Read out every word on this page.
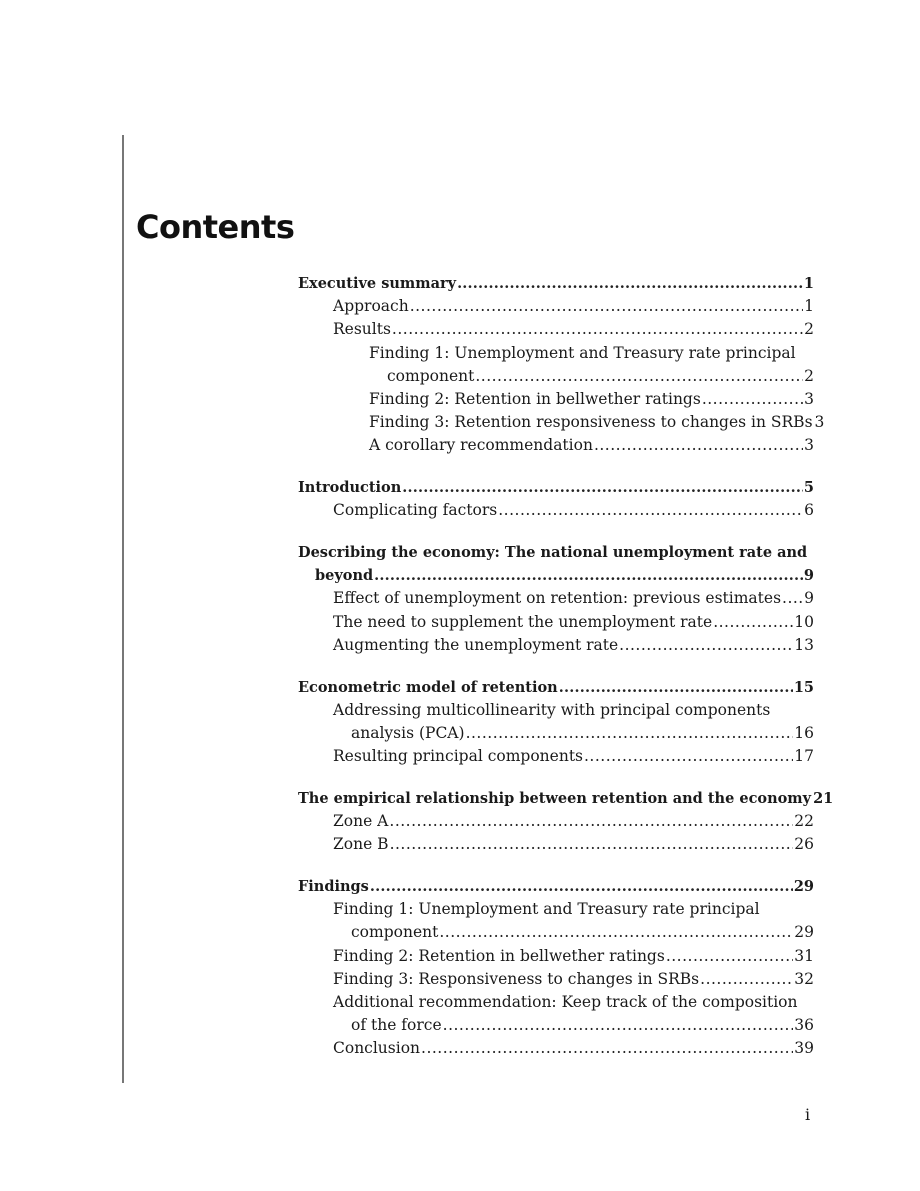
Contents
Executive summary .....	1
Approach .....	1
Results .....	2
Finding 1: Unemployment and Treasury rate principal
component .....	2
Finding 2: Retention in bellwether ratings .....	3
Finding 3: Retention responsiveness to changes in SRBs 3
A corollary recommendation .....	3
Introduction .....	5
Complicating factors .....	6
Describing the economy: The national unemployment rate and
beyond .....	9
Effect of unemployment on retention: previous estimates ..... 9
The need to supplement the unemployment rate .....	10
Augmenting the unemployment rate .....	13
Econometric model of retention .....	15
Addressing multicollinearity with principal components
analysis (PCA) .....	16
Resulting principal components .....	17
The empirical relationship between retention and the economy 21
Zone A .....	22
Zone B .....	26
Findings .....	29
Finding 1: Unemployment and Treasury rate principal
component .....	29
Finding 2: Retention in bellwether ratings .....	31
Finding 3: Responsiveness to changes in SRBs .....	32
Additional recommendation: Keep track of the composition
of the force .....	36
Conclusion .....	39
i
